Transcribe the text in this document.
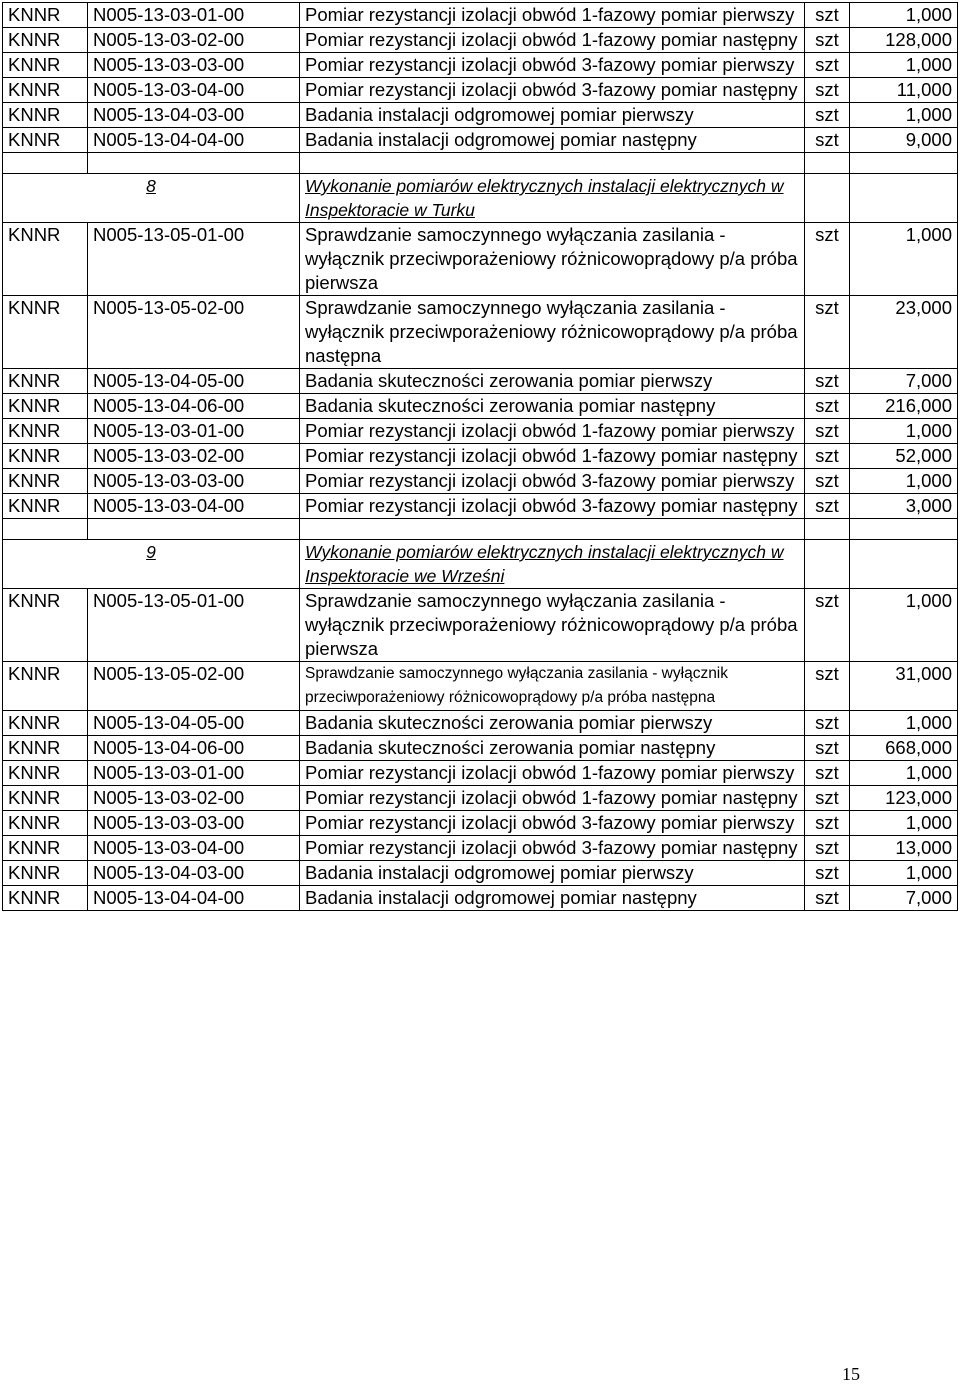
KNNR	N005-13-03-01-00	Pomiar rezystancji izolacji obwód 1-fazowy pomiar pierwszy	szt	1,000
KNNR	N005-13-03-02-00	Pomiar rezystancji izolacji obwód 1-fazowy pomiar następny	szt	128,000
KNNR	N005-13-03-03-00	Pomiar rezystancji izolacji obwód 3-fazowy pomiar pierwszy	szt	1,000
KNNR	N005-13-03-04-00	Pomiar rezystancji izolacji obwód 3-fazowy pomiar następny	szt	11,000
KNNR	N005-13-04-03-00	Badania instalacji odgromowej pomiar pierwszy	szt	1,000
KNNR	N005-13-04-04-00	Badania instalacji odgromowej pomiar następny	szt	9,000

8		Wykonanie pomiarów elektrycznych instalacji elektrycznych w Inspektoracie w Turku		
KNNR	N005-13-05-01-00	Sprawdzanie samoczynnego wyłączania zasilania - wyłącznik przeciwporażeniowy różnicowoprądowy p/a próba pierwsza	szt	1,000
KNNR	N005-13-05-02-00	Sprawdzanie samoczynnego wyłączania zasilania - wyłącznik przeciwporażeniowy różnicowoprądowy p/a próba następna	szt	23,000
KNNR	N005-13-04-05-00	Badania skuteczności zerowania pomiar pierwszy	szt	7,000
KNNR	N005-13-04-06-00	Badania skuteczności zerowania pomiar następny	szt	216,000
KNNR	N005-13-03-01-00	Pomiar rezystancji izolacji obwód 1-fazowy pomiar pierwszy	szt	1,000
KNNR	N005-13-03-02-00	Pomiar rezystancji izolacji obwód 1-fazowy pomiar następny	szt	52,000
KNNR	N005-13-03-03-00	Pomiar rezystancji izolacji obwód 3-fazowy pomiar pierwszy	szt	1,000
KNNR	N005-13-03-04-00	Pomiar rezystancji izolacji obwód 3-fazowy pomiar następny	szt	3,000

9		Wykonanie pomiarów elektrycznych instalacji elektrycznych w Inspektoracie we Wrześni		
KNNR	N005-13-05-01-00	Sprawdzanie samoczynnego wyłączania zasilania - wyłącznik przeciwporażeniowy różnicowoprądowy p/a próba pierwsza	szt	1,000
KNNR	N005-13-05-02-00	Sprawdzanie samoczynnego wyłączania zasilania - wyłącznik przeciwporażeniowy różnicowoprądowy p/a próba następna	szt	31,000
KNNR	N005-13-04-05-00	Badania skuteczności zerowania pomiar pierwszy	szt	1,000
KNNR	N005-13-04-06-00	Badania skuteczności zerowania pomiar następny	szt	668,000
KNNR	N005-13-03-01-00	Pomiar rezystancji izolacji obwód 1-fazowy pomiar pierwszy	szt	1,000
KNNR	N005-13-03-02-00	Pomiar rezystancji izolacji obwód 1-fazowy pomiar następny	szt	123,000
KNNR	N005-13-03-03-00	Pomiar rezystancji izolacji obwód 3-fazowy pomiar pierwszy	szt	1,000
KNNR	N005-13-03-04-00	Pomiar rezystancji izolacji obwód 3-fazowy pomiar następny	szt	13,000
KNNR	N005-13-04-03-00	Badania instalacji odgromowej pomiar pierwszy	szt	1,000
KNNR	N005-13-04-04-00	Badania instalacji odgromowej pomiar następny	szt	7,000
15
